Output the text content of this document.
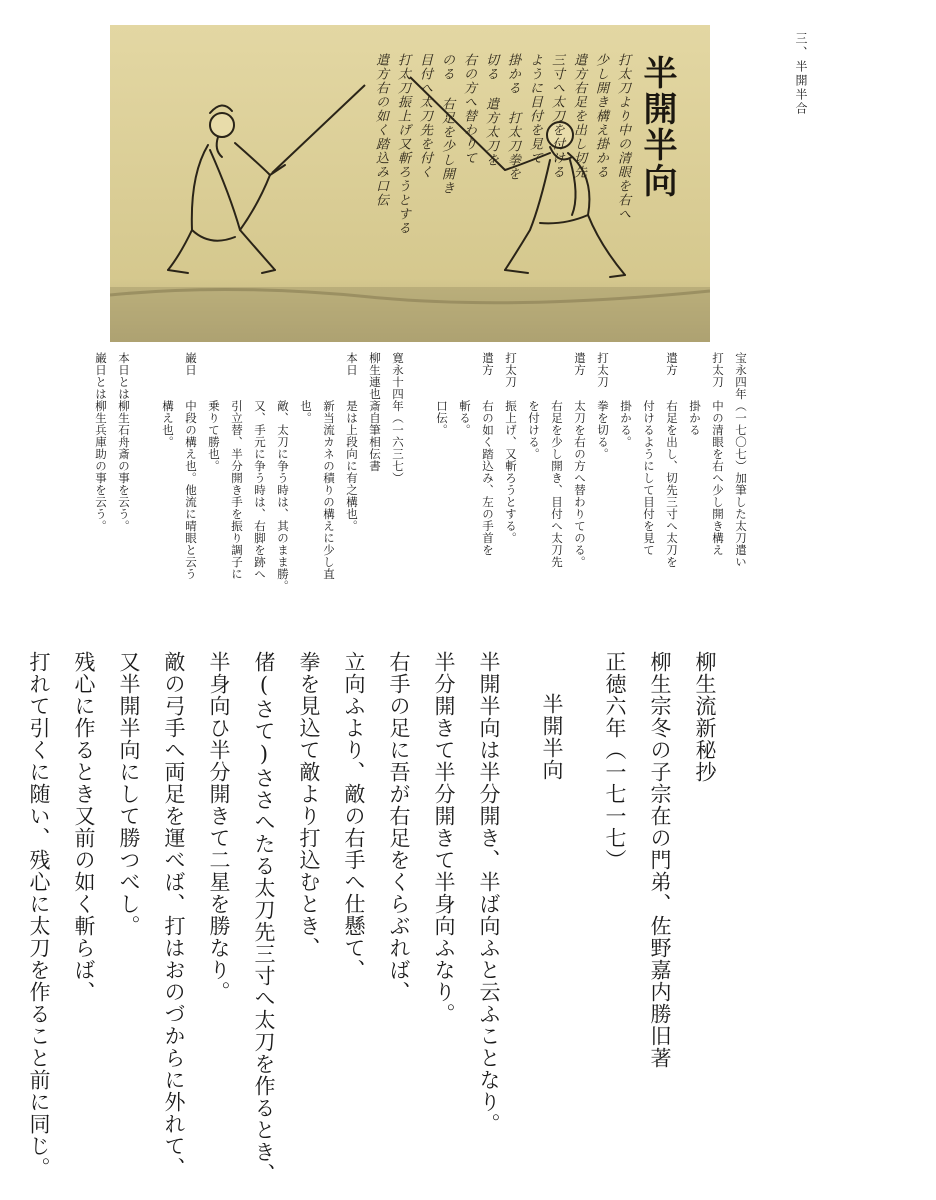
三、半開半合
半開半向
打太刀より中の清眼を右へ
少し開き構え掛かる
遣方右足を出し切先
三寸へ太刀を付ける
ように目付を見て
掛かる 打太刀拳を
切る 遣方太刀を
右の方へ替わりて
のる 右足を少し開き
目付へ太刀先を付く
打太刀振上げ又斬ろうとする
遣方右の如く踏込み口伝
宝永四年（一七〇七）加筆した太刀遣い
打太刀　中の清眼を右へ少し開き構え
　　　　掛かる
遣方　　右足を出し、切先三寸へ太刀を
　　　　付けるようにして目付を見て
　　　　掛かる。
打太刀　拳を切る。
遣方　　太刀を右の方へ替わりてのる。
　　　　右足を少し開き、目付へ太刀先
　　　　を付ける。
打太刀　振上げ、又斬ろうとする。
遣方　　右の如く踏込み、左の手首を
　　　　斬る。
　　　　口伝。
寛永十四年（一六三七）
柳生連也斎自筆相伝書
本日　　是は上段向に有之構也。
　　　　新当流カネの積りの構えに少し直
　　　　也。
　　　　敵、太刀に争う時は、其のまま勝。
　　　　又、手元に争う時は、右脚を跡へ
　　　　引立替、半分開き手を振り調子に
　　　　乗りて勝也。
巌日　　中段の構え也。他流に晴眼と云う
　　　　構え也。
本日とは柳生石舟斎の事を云う。
巌日とは柳生兵庫助の事を云う。
柳生流新秘抄
柳生宗冬の子宗在の門弟、佐野嘉内勝旧著
正徳六年（一七一七）
半開半向
半開半向は半分開き、半ば向ふと云ふことなり。
半分開きて半分開きて半身向ふなり。
右手の足に吾が右足をくらぶれば、
立向ふより、敵の右手へ仕懸て、
拳を見込て敵より打込むとき、
偖(さて)ささへたる太刀先三寸へ太刀を作るとき、
半身向ひ半分開きて二星を勝なり。
敵の弓手へ両足を運べば、打はおのづからに外れて、
又半開半向にして勝つべし。
残心に作るとき又前の如く斬らば、
打れて引くに随い、残心に太刀を作ること前に同じ。
